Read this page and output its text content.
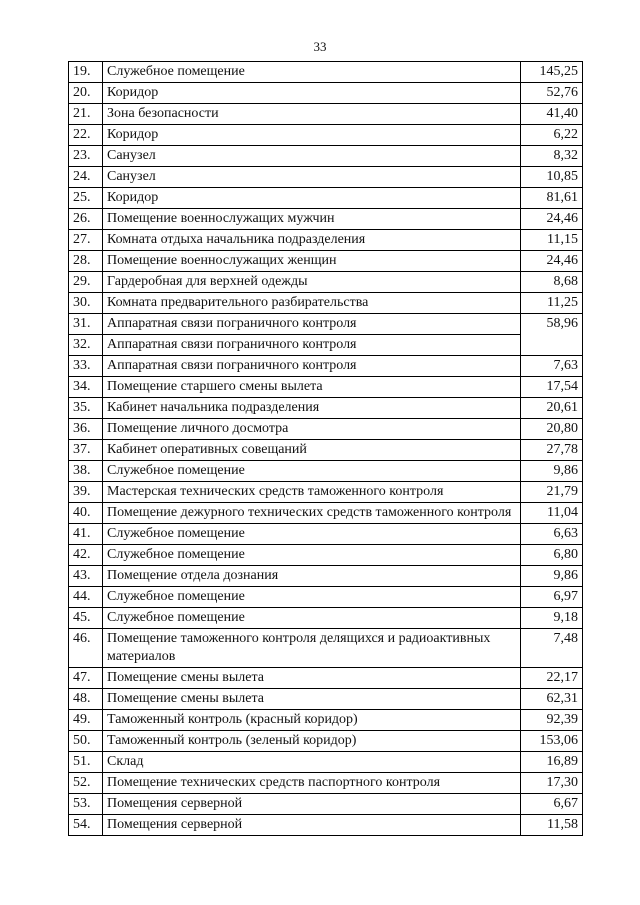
33
19.	Служебное помещение	145,25
20.	Коридор	52,76
21.	Зона безопасности	41,40
22.	Коридор	6,22
23.	Санузел	8,32
24.	Санузел	10,85
25.	Коридор	81,61
26.	Помещение военнослужащих мужчин	24,46
27.	Комната отдыха начальника подразделения	11,15
28.	Помещение военнослужащих женщин	24,46
29.	Гардеробная для верхней одежды	8,68
30.	Комната предварительного разбирательства	11,25
31.	Аппаратная связи пограничного контроля	58,96
32.	Аппаратная связи пограничного контроля	
33.	Аппаратная связи пограничного контроля	7,63
34.	Помещение старшего смены вылета	17,54
35.	Кабинет начальника подразделения	20,61
36.	Помещение личного досмотра	20,80
37.	Кабинет оперативных совещаний	27,78
38.	Служебное помещение	9,86
39.	Мастерская технических средств таможенного контроля	21,79
40.	Помещение дежурного технических средств таможенного контроля	11,04
41.	Служебное помещение	6,63
42.	Служебное помещение	6,80
43.	Помещение отдела дознания	9,86
44.	Служебное помещение	6,97
45.	Служебное помещение	9,18
46.	Помещение таможенного контроля делящихся и радиоактивных материалов	7,48
47.	Помещение смены вылета	22,17
48.	Помещение смены вылета	62,31
49.	Таможенный контроль (красный коридор)	92,39
50.	Таможенный контроль (зеленый коридор)	153,06
51.	Склад	16,89
52.	Помещение технических средств паспортного контроля	17,30
53.	Помещения серверной	6,67
54.	Помещения серверной	11,58
